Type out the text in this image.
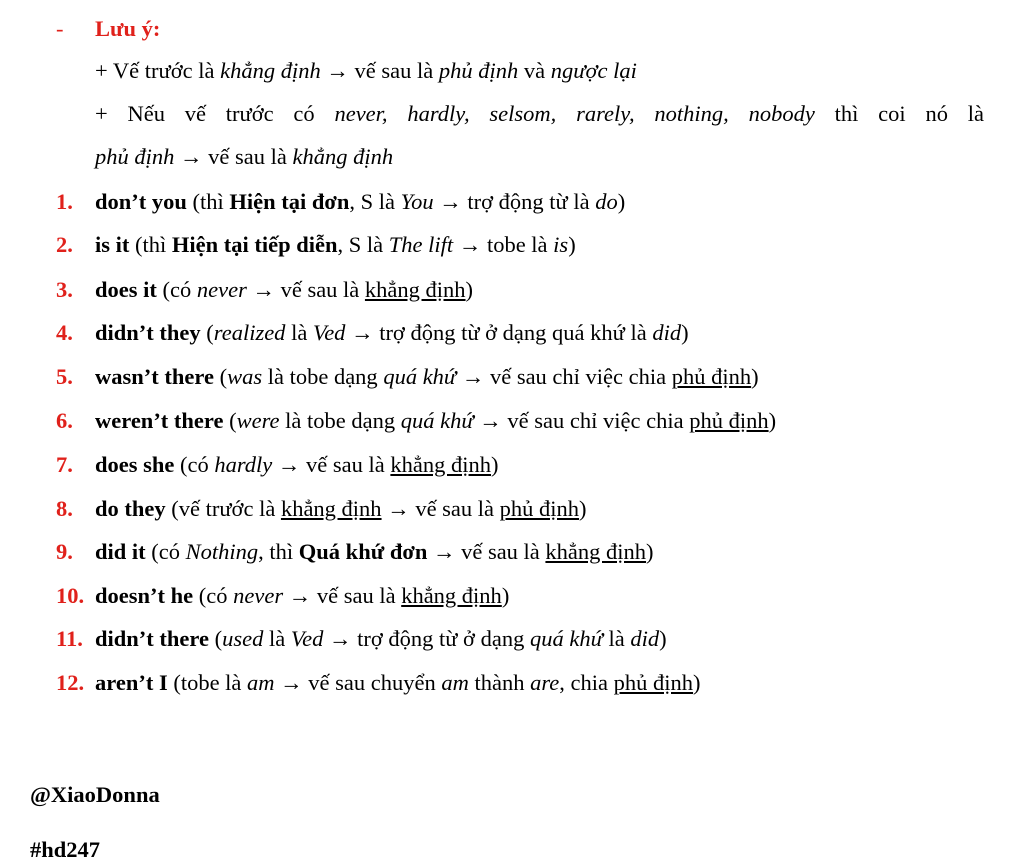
- Lưu ý:
+ Vế trước là khẳng định → vế sau là phủ định và ngược lại
+ Nếu vế trước có never, hardly, selsom, rarely, nothing, nobody thì coi nó là
phủ định → vế sau là khẳng định
1. don’t you (thì Hiện tại đơn, S là You → trợ động từ là do)
2. is it (thì Hiện tại tiếp diễn, S là The lift → tobe là is)
3. does it (có never → vế sau là khẳng định)
4. didn’t they (realized là Ved → trợ động từ ở dạng quá khứ là did)
5. wasn’t there (was là tobe dạng quá khứ → vế sau chỉ việc chia phủ định)
6. weren’t there (were là tobe dạng quá khứ → vế sau chỉ việc chia phủ định)
7. does she (có hardly → vế sau là khẳng định)
8. do they (vế trước là khẳng định → vế sau là phủ định)
9. did it (có Nothing, thì Quá khứ đơn → vế sau là khẳng định)
10. doesn’t he (có never → vế sau là khẳng định)
11. didn’t there (used là Ved → trợ động từ ở dạng quá khứ là did)
12. aren’t I (tobe là am → vế sau chuyển am thành are, chia phủ định)
@XiaoDonna
#hd247
